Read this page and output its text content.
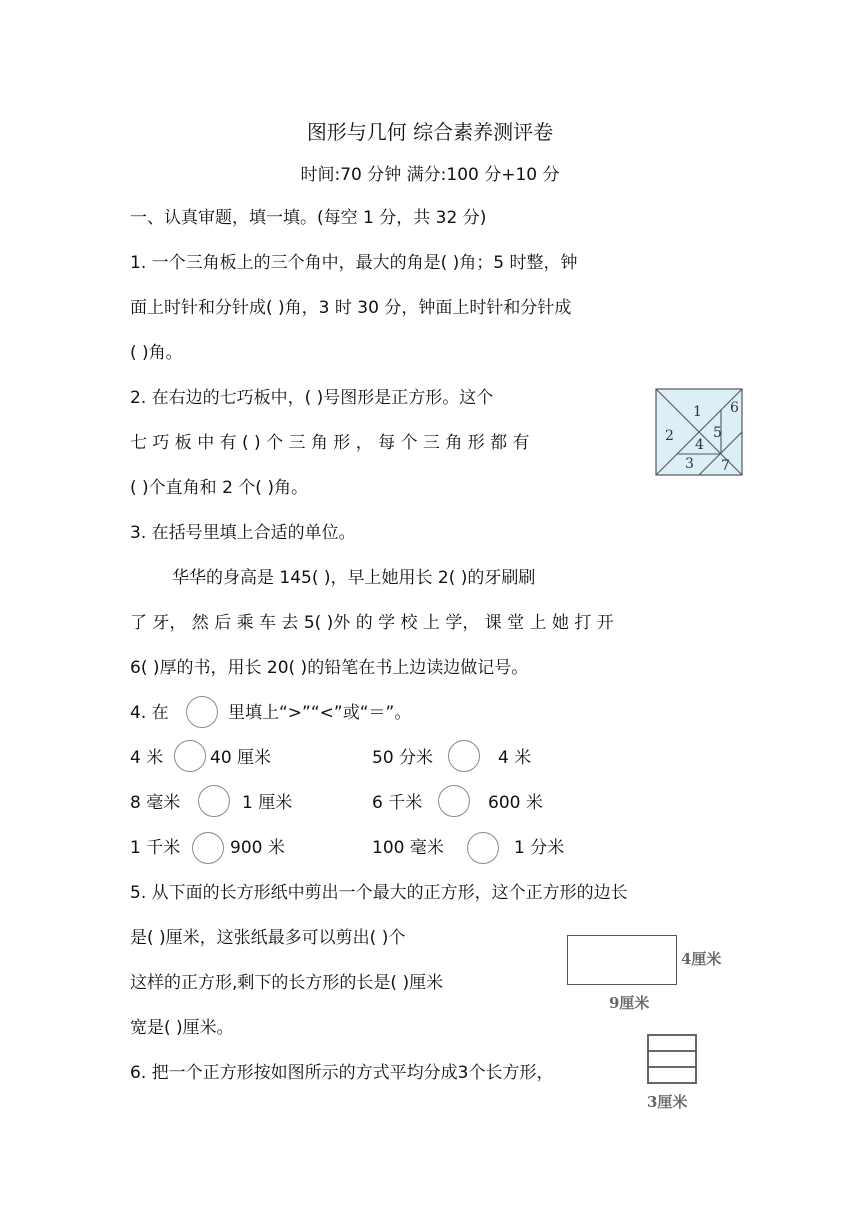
图形与几何 综合素养测评卷
时间:70 分钟 满分:100 分+10 分
一、认真审题，填一填。(每空 1 分，共 32 分)
1. 一个三角板上的三个角中，最大的角是( )角；5 时整，钟
面上时针和分针成( )角，3 时 30 分，钟面上时针和分针成
( )角。
2. 在右边的七巧板中，( )号图形是正方形。这个
七 巧 板 中 有 ( ) 个 三 角 形 ， 每 个 三 角 形 都 有
( )个直角和 2 个( )角。
1
2
3
4
5
6
7
3. 在括号里填上合适的单位。
华华的身高是 145( )，早上她用长 2( )的牙刷刷
了 牙， 然 后 乘 车 去 5( )外 的 学 校 上 学， 课 堂 上 她 打 开
6( )厚的书，用长 20( )的铅笔在书上边读边做记号。
4. 在	里填上“>”“<”或“＝”。
4 米	40 厘米	50 分米	4 米
8 毫米	1 厘米	6 千米	600 米
1 千米	900 米	100 毫米	1 分米
5. 从下面的长方形纸中剪出一个最大的正方形，这个正方形的边长
是( )厘米，这张纸最多可以剪出( )个
这样的正方形,剩下的长方形的长是( )厘米
宽是( )厘米。
4厘米
9厘米
6. 把一个正方形按如图所示的方式平均分成3个长方形，
3厘米
